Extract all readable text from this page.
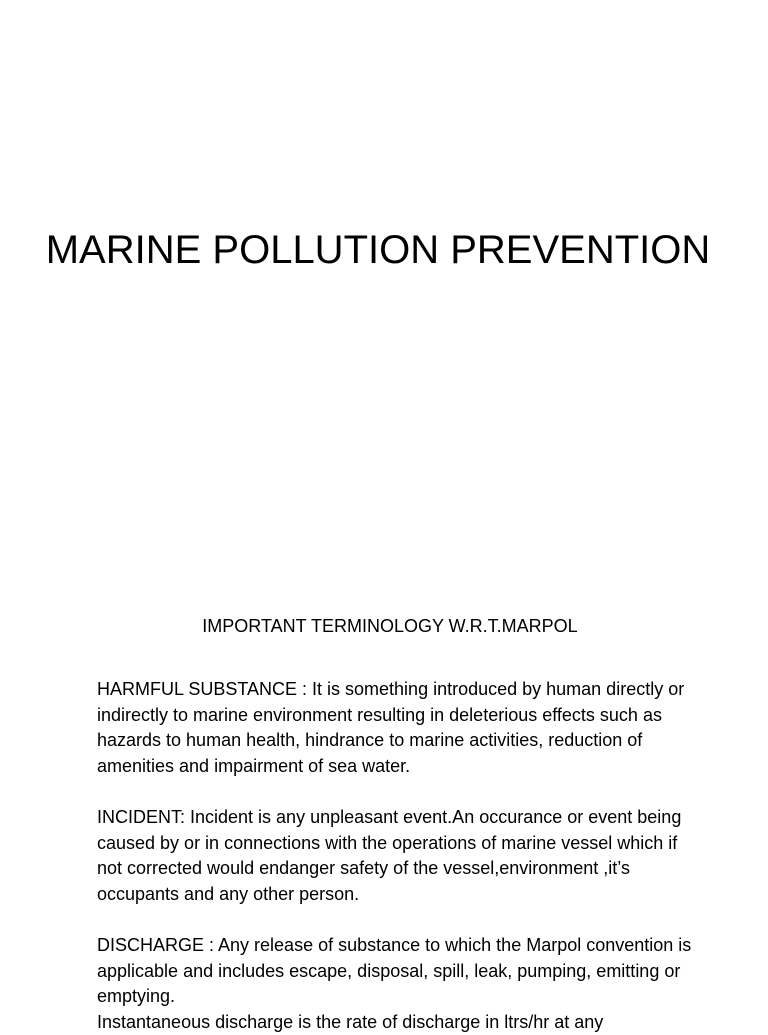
MARINE POLLUTION PREVENTION
IMPORTANT TERMINOLOGY W.R.T.MARPOL

HARMFUL SUBSTANCE : It is something introduced by human directly or indirectly to marine environment resulting in deleterious effects such as hazards to human health, hindrance to marine activities, reduction of amenities and impairment of sea water.

INCIDENT: Incident is any unpleasant event.An occurance or event being caused by or in connections with the operations of marine vessel which if not corrected would endanger safety of the vessel,environment ,it’s occupants and any other person.

DISCHARGE : Any release of substance to which the Marpol convention is applicable and includes escape, disposal, spill, leak, pumping, emitting or emptying.

Instantaneous discharge is the rate of discharge in ltrs/hr at any
